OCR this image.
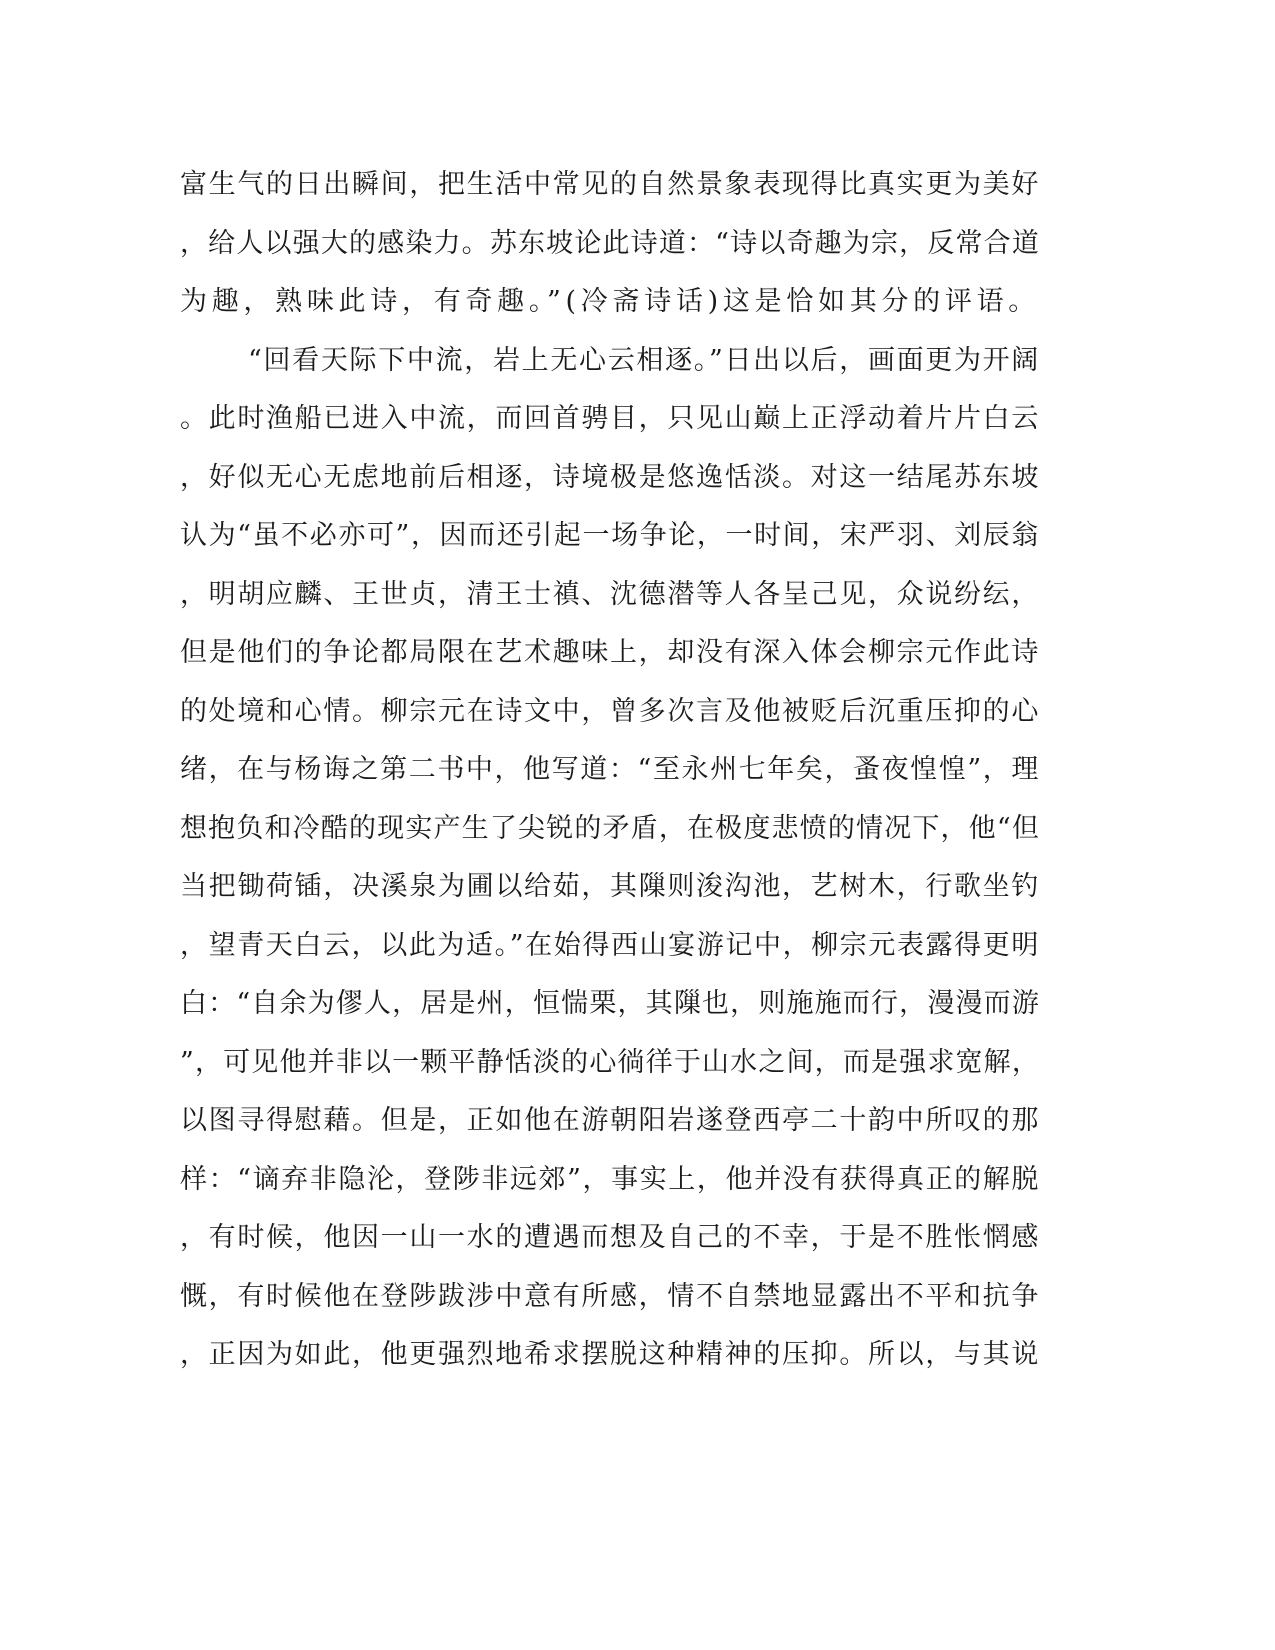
富生气的日出瞬间，把生活中常见的自然景象表现得比真实更为美好
，给人以强大的感染力。苏东坡论此诗道：“诗以奇趣为宗，反常合道
为趣，熟味此诗，有奇趣。”(冷斋诗话)这是恰如其分的评语。
“回看天际下中流，岩上无心云相逐。”日出以后，画面更为开阔
。此时渔船已进入中流，而回首骋目，只见山巅上正浮动着片片白云
，好似无心无虑地前后相逐，诗境极是悠逸恬淡。对这一结尾苏东坡
认为“虽不必亦可”，因而还引起一场争论，一时间，宋严羽、刘辰翁
，明胡应麟、王世贞，清王士禛、沈德潜等人各呈己见，众说纷纭，
但是他们的争论都局限在艺术趣味上，却没有深入体会柳宗元作此诗
的处境和心情。柳宗元在诗文中，曾多次言及他被贬后沉重压抑的心
绪，在与杨诲之第二书中，他写道：“至永州七年矣，蚤夜惶惶”，理
想抱负和冷酷的现实产生了尖锐的矛盾，在极度悲愤的情况下，他“但
当把锄荷锸，决溪泉为圃以给茹，其隟则浚沟池，艺树木，行歌坐钓
，望青天白云，以此为适。”在始得西山宴游记中，柳宗元表露得更明
白：“自余为僇人，居是州，恒惴栗，其隟也，则施施而行，漫漫而游
”，可见他并非以一颗平静恬淡的心徜徉于山水之间，而是强求宽解，
以图寻得慰藉。但是，正如他在游朝阳岩遂登西亭二十韵中所叹的那
样：“谪弃非隐沦，登陟非远郊”，事实上，他并没有获得真正的解脱
，有时候，他因一山一水的遭遇而想及自己的不幸，于是不胜怅惘感
慨，有时候他在登陟跋涉中意有所感，情不自禁地显露出不平和抗争
，正因为如此，他更强烈地希求摆脱这种精神的压抑。所以，与其说
